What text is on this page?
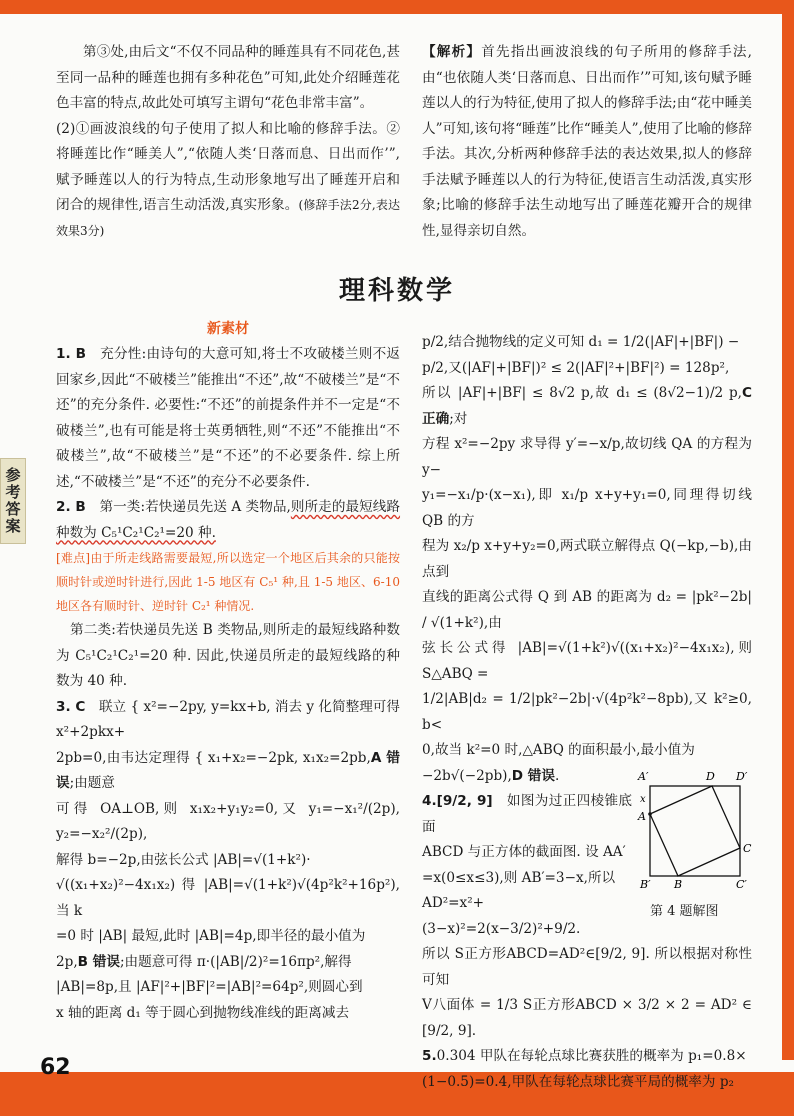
参考答案

第③处,由后文“不仅不同品种的睡莲具有不同花色,甚至同一品种的睡莲也拥有多种花色”可知,此处介绍睡莲花色丰富的特点,故此处可填写主谓句“花色非常丰富”。

(2)①画波浪线的句子使用了拟人和比喻的修辞手法。②将睡莲比作“睡美人”,“依随人类‘日落而息、日出而作’”,赋予睡莲以人的行为特点,生动形象地写出了睡莲开启和闭合的规律性,语言生动活泼,真实形象。(修辞手法2分,表达效果3分)

【解析】首先指出画波浪线的句子所用的修辞手法,由“也依随人类‘日落而息、日出而作’”可知,该句赋予睡莲以人的行为特征,使用了拟人的修辞手法;由“花中睡美人”可知,该句将“睡莲”比作“睡美人”,使用了比喻的修辞手法。其次,分析两种修辞手法的表达效果,拟人的修辞手法赋予睡莲以人的行为特征,使语言生动活泼,真实形象;比喻的修辞手法生动地写出了睡莲花瓣开合的规律性,显得亲切自然。

理科数学
新素材

1. B　 充分性:由诗句的大意可知,将士不攻破楼兰则不返回家乡,因此“不破楼兰”能推出“不还”,故“不破楼兰”是“不还”的充分条件. 必要性:“不还”的前提条件并不一定是“不破楼兰”,也有可能是将士英勇牺牲,则“不还”不能推出“不破楼兰”,故“不破楼兰”是“不还”的不必要条件. 综上所述,“不破楼兰”是“不还”的充分不必要条件.

2. B　 第一类:若快递员先送 A 类物品,则所走的最短线路种数为 C₅¹C₂¹C₂¹=20 种.

[难点]由于所走线路需要最短,所以选定一个地区后其余的只能按顺时针或逆时针进行,因此 1-5 地区有 C₅¹ 种,且 1-5 地区、6-10 地区各有顺时针、逆时针 C₂¹ 种情况.

第二类:若快递员先送 B 类物品,则所走的最短线路种数为 C₅¹C₂¹C₂¹=20 种. 因此,快递员所走的最短线路的种数为 40 种.

3. C　 联立 { x²=−2py, y=kx+b, 消去 y 化简整理可得 x²+2pkx+

2pb=0,由韦达定理得 { x₁+x₂=−2pk, x₁x₂=2pb,A 错误;由题意

可得 OA⊥OB,则 x₁x₂+y₁y₂=0,又 y₁=−x₁²/(2p), y₂=−x₂²/(2p),

解得 b=−2p,由弦长公式 |AB|=√(1+k²)·

√((x₁+x₂)²−4x₁x₂) 得 |AB|=√(1+k²)√(4p²k²+16p²),当 k

=0 时 |AB| 最短,此时 |AB|=4p,即半径的最小值为

2p,B 错误;由题意可得 π·(|AB|/2)²=16πp²,解得

|AB|=8p,且 |AF|²+|BF|²=|AB|²=64p²,则圆心到

x 轴的距离 d₁ 等于圆心到抛物线准线的距离减去

p/2,结合抛物线的定义可知 d₁ = 1/2(|AF|+|BF|) −

p/2,又(|AF|+|BF|)² ≤ 2(|AF|²+|BF|²) = 128p²,

所以 |AF|+|BF| ≤ 8√2 p,故 d₁ ≤ (8√2−1)/2 p,C 正确;对

方程 x²=−2py 求导得 y′=−x/p,故切线 QA 的方程为 y−

y₁=−x₁/p·(x−x₁),即 x₁/p x+y+y₁=0,同理得切线 QB 的方

程为 x₂/p x+y+y₂=0,两式联立解得点 Q(−kp,−b),由点到

直线的距离公式得 Q 到 AB 的距离为 d₂ = |pk²−2b| / √(1+k²),由

弦长公式得 |AB|=√(1+k²)√((x₁+x₂)²−4x₁x₂),则 S△ABQ =

1/2|AB|d₂ = 1/2|pk²−2b|·√(4p²k²−8pb),又 k²≥0, b<

0,故当 k²=0 时,△ABQ 的面积最小,最小值为

−2b√(−2pb),D 错误.

4.[9/2, 9]　 如图为过正四棱锥底面

ABCD 与正方体的截面图. 设 AA′

=x(0≤x≤3),则 AB′=3−x,所以

AD²=x²+(3−x)²=2(x−3/2)²+9/2.

所以 S正方形ABCD=AD²∈[9/2, 9]. 所以根据对称性可知

V八面体 = 1/3 S正方形ABCD × 3/2 × 2 = AD² ∈ [9/2, 9].

5.0.304 甲队在每轮点球比赛获胜的概率为 p₁=0.8×

(1−0.5)=0.4,甲队在每轮点球比赛平局的概率为 p₂

A′	D D′
x
A
C
B′ B	C′
第 4 题解图
62
